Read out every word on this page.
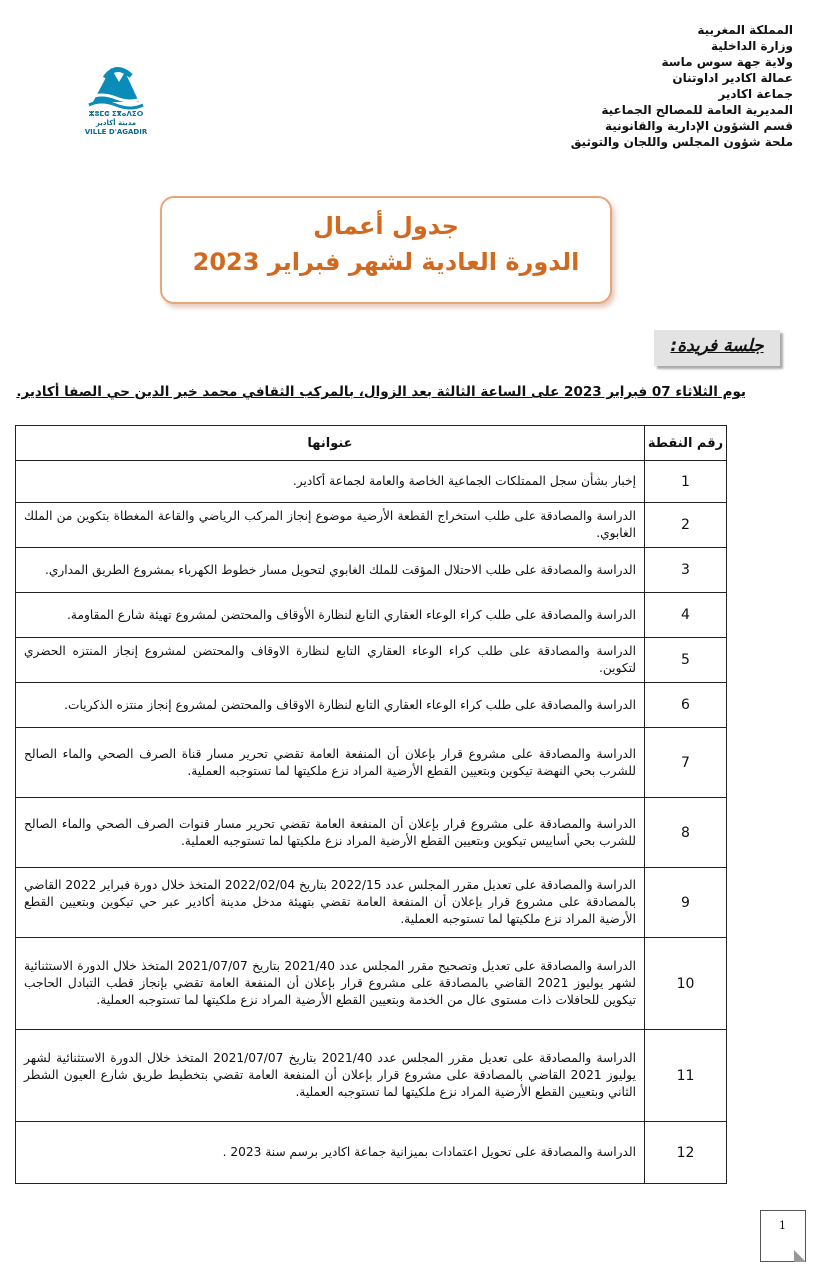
المملكة المغربية
وزارة الداخلية
ولاية جهة سوس ماسة
عمالة اكادير اداوتنان
جماعة اكادير
المديرية العامة للمصالح الجماعية
قسم الشؤون الإدارية والقانونية
ملحة شؤون المجلس واللجان والتوثيق
ⵣⵓⵎⵛ ⵉⴳⴰⴷⵉⵔ
مدينة أكادير
VILLE D'AGADIR
جدول أعمال
الدورة العادية لشهر فبراير 2023
جلسة فريدة:
يوم الثلاثاء 07 فبراير 2023 على الساعة الثالثة بعد الزوال، بالمركب الثقافي محمد خير الدين حي الصفا أكادير.
رقم النقطة	عنوانها
1	إخبار بشأن سجل الممتلكات الجماعية الخاصة والعامة لجماعة أكادير.
2	الدراسة والمصادقة على طلب استخراج القطعة الأرضية موضوع إنجاز المركب الرياضي والقاعة المغطاة بتكوين من الملك الغابوي.
3	الدراسة والمصادقة على طلب الاحتلال المؤقت للملك الغابوي لتحويل مسار خطوط الكهرباء بمشروع الطريق المداري.
4	الدراسة والمصادقة على طلب كراء الوعاء العقاري التابع لنظارة الأوقاف والمحتضن لمشروع تهيئة شارع المقاومة.
5	الدراسة والمصادقة على طلب كراء الوعاء العقاري التابع لنظارة الاوقاف والمحتضن لمشروع إنجاز المنتزه الحضري لتكوين.
6	الدراسة والمصادقة على طلب كراء الوعاء العقاري التابع لنظارة الاوقاف والمحتضن لمشروع إنجاز منتزه الذكريات.
7	الدراسة والمصادقة على مشروع قرار بإعلان أن المنفعة العامة تقضي تحرير مسار قناة الصرف الصحي والماء الصالح للشرب بحي النهضة تيكوين وبتعيين القطع الأرضية المراد نزع ملكيتها لما تستوجبه العملية.
8	الدراسة والمصادقة على مشروع قرار بإعلان أن المنفعة العامة تقضي تحرير مسار قنوات الصرف الصحي والماء الصالح للشرب بحي أساييس تيكوين وبتعيين القطع الأرضية المراد نزع ملكيتها لما تستوجبه العملية.
9	الدراسة والمصادقة على تعديل مقرر المجلس عدد 2022/15 بتاريخ 2022/02/04 المتخذ خلال دورة فبراير 2022 القاضي بالمصادقة على مشروع قرار بإعلان أن المنفعة العامة تقضي بتهيئة مدخل مدينة أكادير عبر حي تيكوين وبتعيين القطع الأرضية المراد نزع ملكيتها لما تستوجبه العملية.
10	الدراسة والمصادقة على تعديل وتصحيح مقرر المجلس عدد 2021/40 بتاريخ 2021/07/07 المتخذ خلال الدورة الاستثنائية لشهر يوليوز 2021 القاضي بالمصادقة على مشروع قرار بإعلان أن المنفعة العامة تقضي بإنجاز قطب التبادل الحاجب تيكوين للحافلات ذات مستوى عال من الخدمة وبتعيين القطع الأرضية المراد نزع ملكيتها لما تستوجبه العملية.
11	الدراسة والمصادقة على تعديل مقرر المجلس عدد 2021/40 بتاريخ 2021/07/07 المتخذ خلال الدورة الاستثنائية لشهر يوليوز 2021 القاضي بالمصادقة على مشروع قرار بإعلان أن المنفعة العامة تقضي بتخطيط طريق شارع العيون الشطر الثاني وبتعيين القطع الأرضية المراد نزع ملكيتها لما تستوجبه العملية.
12	الدراسة والمصادقة على تحويل اعتمادات بميزانية جماعة اكادير برسم سنة 2023 .
1
